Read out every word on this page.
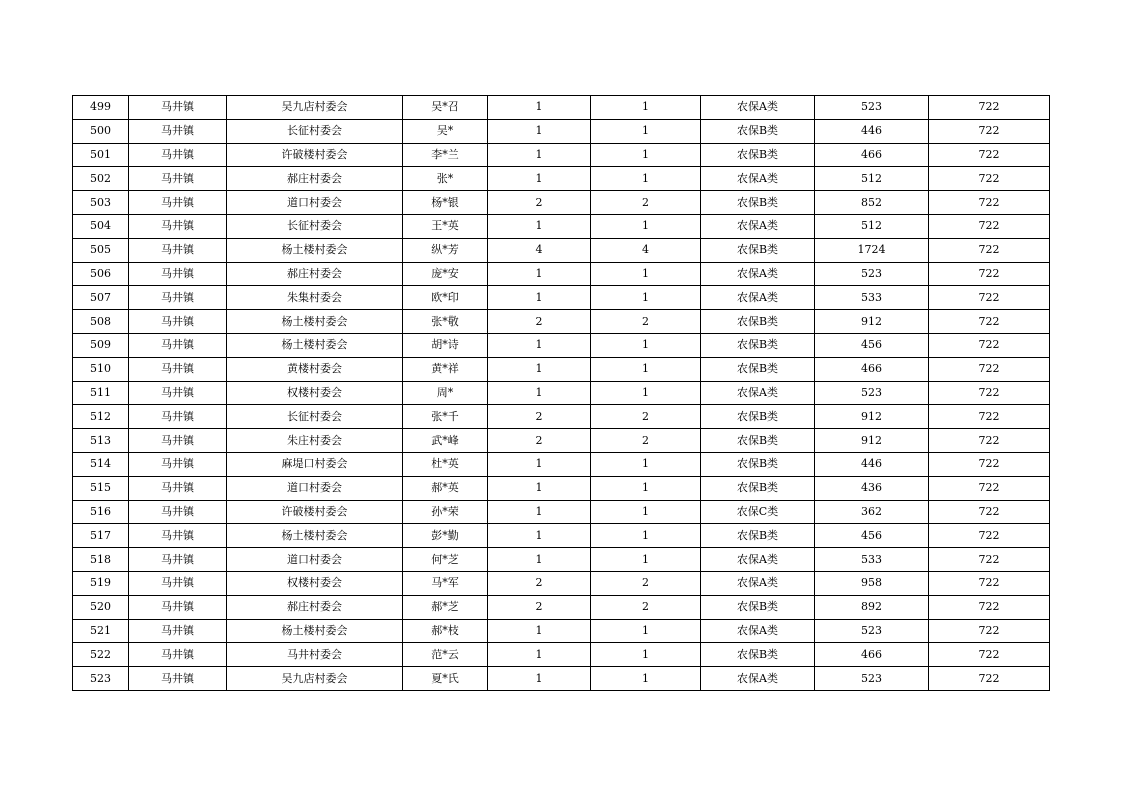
499	马井镇	吴九店村委会	吴*召	1	1	农保A类	523	722
500	马井镇	长征村委会	吴*	1	1	农保B类	446	722
501	马井镇	许破楼村委会	李*兰	1	1	农保B类	466	722
502	马井镇	郝庄村委会	张*	1	1	农保A类	512	722
503	马井镇	道口村委会	杨*银	2	2	农保B类	852	722
504	马井镇	长征村委会	王*英	1	1	农保A类	512	722
505	马井镇	杨土楼村委会	纵*芳	4	4	农保B类	1724	722
506	马井镇	郝庄村委会	庞*安	1	1	农保A类	523	722
507	马井镇	朱集村委会	欧*印	1	1	农保A类	533	722
508	马井镇	杨土楼村委会	张*敬	2	2	农保B类	912	722
509	马井镇	杨土楼村委会	胡*诗	1	1	农保B类	456	722
510	马井镇	黄楼村委会	黄*祥	1	1	农保B类	466	722
511	马井镇	权楼村委会	周*	1	1	农保A类	523	722
512	马井镇	长征村委会	张*千	2	2	农保B类	912	722
513	马井镇	朱庄村委会	武*峰	2	2	农保B类	912	722
514	马井镇	麻堤口村委会	杜*英	1	1	农保B类	446	722
515	马井镇	道口村委会	郝*英	1	1	农保B类	436	722
516	马井镇	许破楼村委会	孙*荣	1	1	农保C类	362	722
517	马井镇	杨土楼村委会	彭*勤	1	1	农保B类	456	722
518	马井镇	道口村委会	何*芝	1	1	农保A类	533	722
519	马井镇	权楼村委会	马*军	2	2	农保A类	958	722
520	马井镇	郝庄村委会	郝*芝	2	2	农保B类	892	722
521	马井镇	杨土楼村委会	郝*枝	1	1	农保A类	523	722
522	马井镇	马井村委会	范*云	1	1	农保B类	466	722
523	马井镇	吴九店村委会	夏*氏	1	1	农保A类	523	722
